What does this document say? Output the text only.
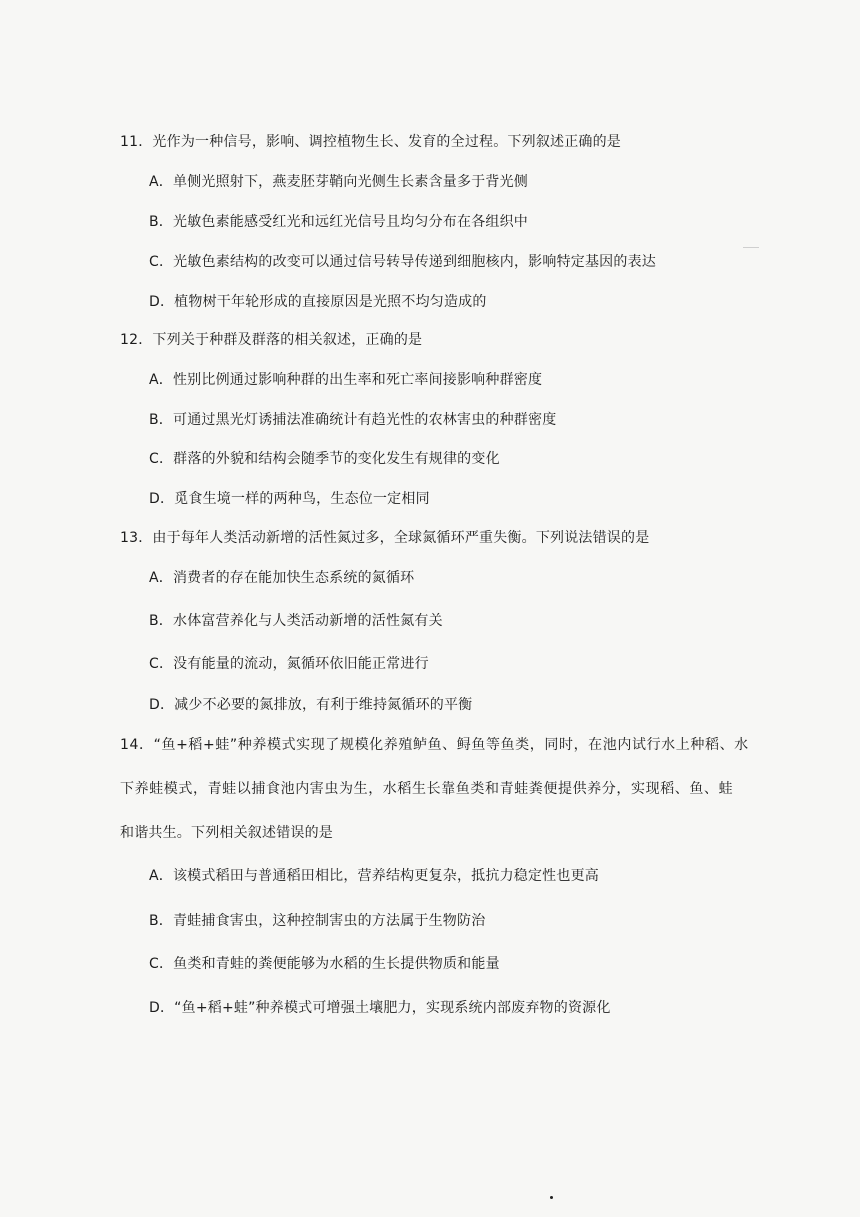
11．光作为一种信号，影响、调控植物生长、发育的全过程。下列叙述正确的是
A．单侧光照射下，燕麦胚芽鞘向光侧生长素含量多于背光侧
B．光敏色素能感受红光和远红光信号且均匀分布在各组织中
C．光敏色素结构的改变可以通过信号转导传递到细胞核内，影响特定基因的表达
D．植物树干年轮形成的直接原因是光照不均匀造成的
12．下列关于种群及群落的相关叙述，正确的是
A．性别比例通过影响种群的出生率和死亡率间接影响种群密度
B．可通过黑光灯诱捕法准确统计有趋光性的农林害虫的种群密度
C．群落的外貌和结构会随季节的变化发生有规律的变化
D．觅食生境一样的两种鸟，生态位一定相同
13．由于每年人类活动新增的活性氮过多，全球氮循环严重失衡。下列说法错误的是
A．消费者的存在能加快生态系统的氮循环
B．水体富营养化与人类活动新增的活性氮有关
C．没有能量的流动，氮循环依旧能正常进行
D．减少不必要的氮排放，有利于维持氮循环的平衡
14．“鱼+稻+蛙”种养模式实现了规模化养殖鲈鱼、鲟鱼等鱼类，同时，在池内试行水上种稻、水
下养蛙模式，青蛙以捕食池内害虫为生，水稻生长靠鱼类和青蛙粪便提供养分，实现稻、鱼、蛙
和谐共生。下列相关叙述错误的是
A．该模式稻田与普通稻田相比，营养结构更复杂，抵抗力稳定性也更高
B．青蛙捕食害虫，这种控制害虫的方法属于生物防治
C．鱼类和青蛙的粪便能够为水稻的生长提供物质和能量
D．“鱼+稻+蛙”种养模式可增强土壤肥力，实现系统内部废弃物的资源化
